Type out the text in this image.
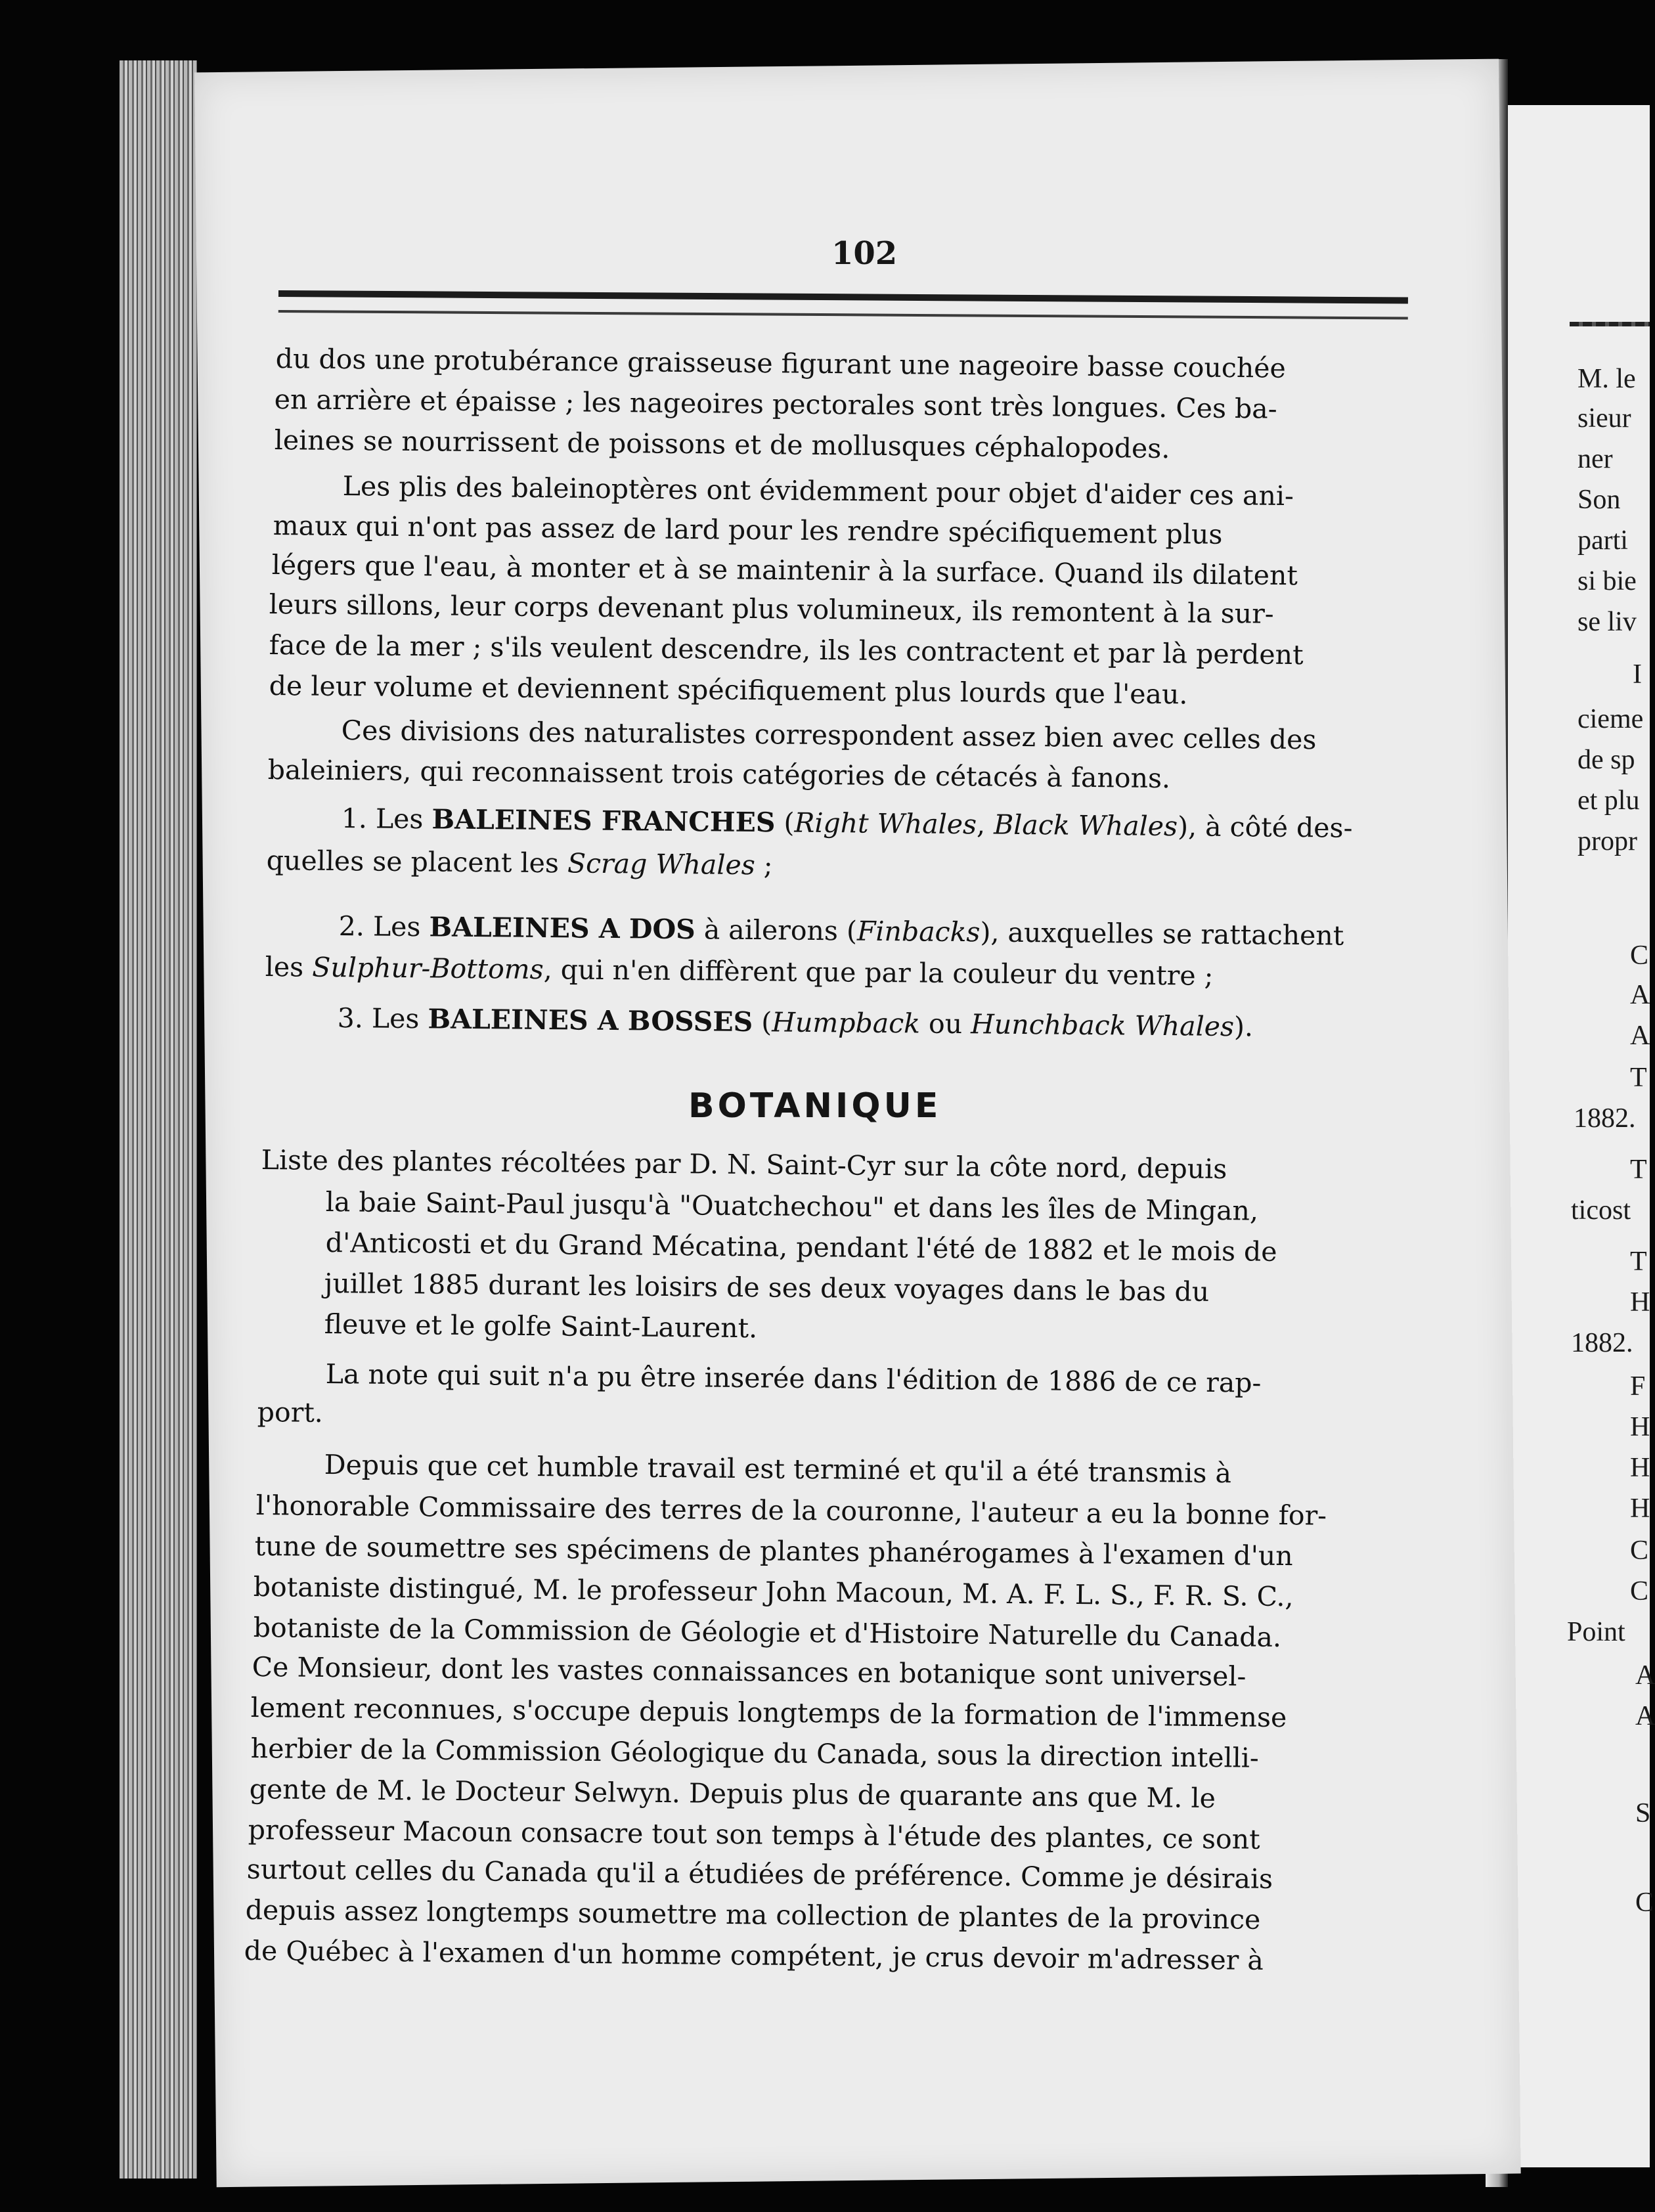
102
du dos une protubérance graisseuse figurant une nageoire basse couchée
en arrière et épaisse ; les nageoires pectorales sont très longues. Ces ba-
leines se nourrissent de poissons et de mollusques céphalopodes.
Les plis des baleinoptères ont évidemment pour objet d'aider ces ani-
maux qui n'ont pas assez de lard pour les rendre spécifiquement plus
légers que l'eau, à monter et à se maintenir à la surface. Quand ils dilatent
leurs sillons, leur corps devenant plus volumineux, ils remontent à la sur-
face de la mer ; s'ils veulent descendre, ils les contractent et par là perdent
de leur volume et deviennent spécifiquement plus lourds que l'eau.
Ces divisions des naturalistes correspondent assez bien avec celles des
baleiniers, qui reconnaissent trois catégories de cétacés à fanons.
1. Les BALEINES FRANCHES (Right Whales, Black Whales), à côté des-
quelles se placent les Scrag Whales ;
2. Les BALEINES A DOS à ailerons (Finbacks), auxquelles se rattachent
les Sulphur-Bottoms, qui n'en diffèrent que par la couleur du ventre ;
3. Les BALEINES A BOSSES (Humpback ou Hunchback Whales).
BOTANIQUE
Liste des plantes récoltées par D. N. Saint-Cyr sur la côte nord, depuis
la baie Saint-Paul jusqu'à "Ouatchechou" et dans les îles de Mingan,
d'Anticosti et du Grand Mécatina, pendant l'été de 1882 et le mois de
juillet 1885 durant les loisirs de ses deux voyages dans le bas du
fleuve et le golfe Saint-Laurent.
La note qui suit n'a pu être inserée dans l'édition de 1886 de ce rap-
port.
Depuis que cet humble travail est terminé et qu'il a été transmis à
l'honorable Commissaire des terres de la couronne, l'auteur a eu la bonne for-
tune de soumettre ses spécimens de plantes phanérogames à l'examen d'un
botaniste distingué, M. le professeur John Macoun, M. A. F. L. S., F. R. S. C.,
botaniste de la Commission de Géologie et d'Histoire Naturelle du Canada.
Ce Monsieur, dont les vastes connaissances en botanique sont universel-
lement reconnues, s'occupe depuis longtemps de la formation de l'immense
herbier de la Commission Géologique du Canada, sous la direction intelli-
gente de M. le Docteur Selwyn. Depuis plus de quarante ans que M. le
professeur Macoun consacre tout son temps à l'étude des plantes, ce sont
surtout celles du Canada qu'il a étudiées de préférence. Comme je désirais
depuis assez longtemps soumettre ma collection de plantes de la province
de Québec à l'examen d'un homme compétent, je crus devoir m'adresser à
M. le
sieur
ner
Son
parti
si bie
se liv
I
cieme
de sp
et plu
propr
C
A
A
T
1882.
T
ticost
T
H
1882.
F
H
H
H
C
C
Point
A
A
S
C
